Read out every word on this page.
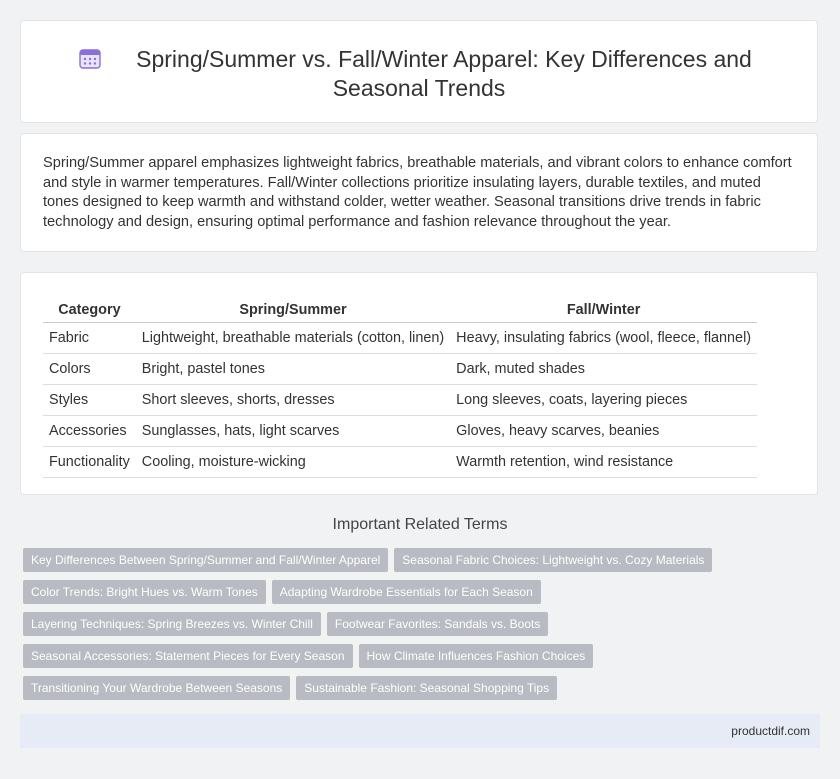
Spring/Summer vs. Fall/Winter Apparel: Key Differences and
Seasonal Trends

Spring/Summer apparel emphasizes lightweight fabrics, breathable materials, and vibrant colors to enhance comfort and style in warmer temperatures. Fall/Winter collections prioritize insulating layers, durable textiles, and muted tones designed to keep warmth and withstand colder, wetter weather. Seasonal transitions drive trends in fabric technology and design, ensuring optimal performance and fashion relevance throughout the year.

Category	Spring/Summer	Fall/Winter
Fabric	Lightweight, breathable materials (cotton, linen)	Heavy, insulating fabrics (wool, fleece, flannel)
Colors	Bright, pastel tones	Dark, muted shades
Styles	Short sleeves, shorts, dresses	Long sleeves, coats, layering pieces
Accessories	Sunglasses, hats, light scarves	Gloves, heavy scarves, beanies
Functionality	Cooling, moisture-wicking	Warmth retention, wind resistance
Important Related Terms
Key Differences Between Spring/Summer and Fall/Winter Apparel Seasonal Fabric Choices: Lightweight vs. Cozy Materials
Color Trends: Bright Hues vs. Warm Tones Adapting Wardrobe Essentials for Each Season
Layering Techniques: Spring Breezes vs. Winter Chill Footwear Favorites: Sandals vs. Boots
Seasonal Accessories: Statement Pieces for Every Season How Climate Influences Fashion Choices
Transitioning Your Wardrobe Between Seasons Sustainable Fashion: Seasonal Shopping Tips
productdif.com
